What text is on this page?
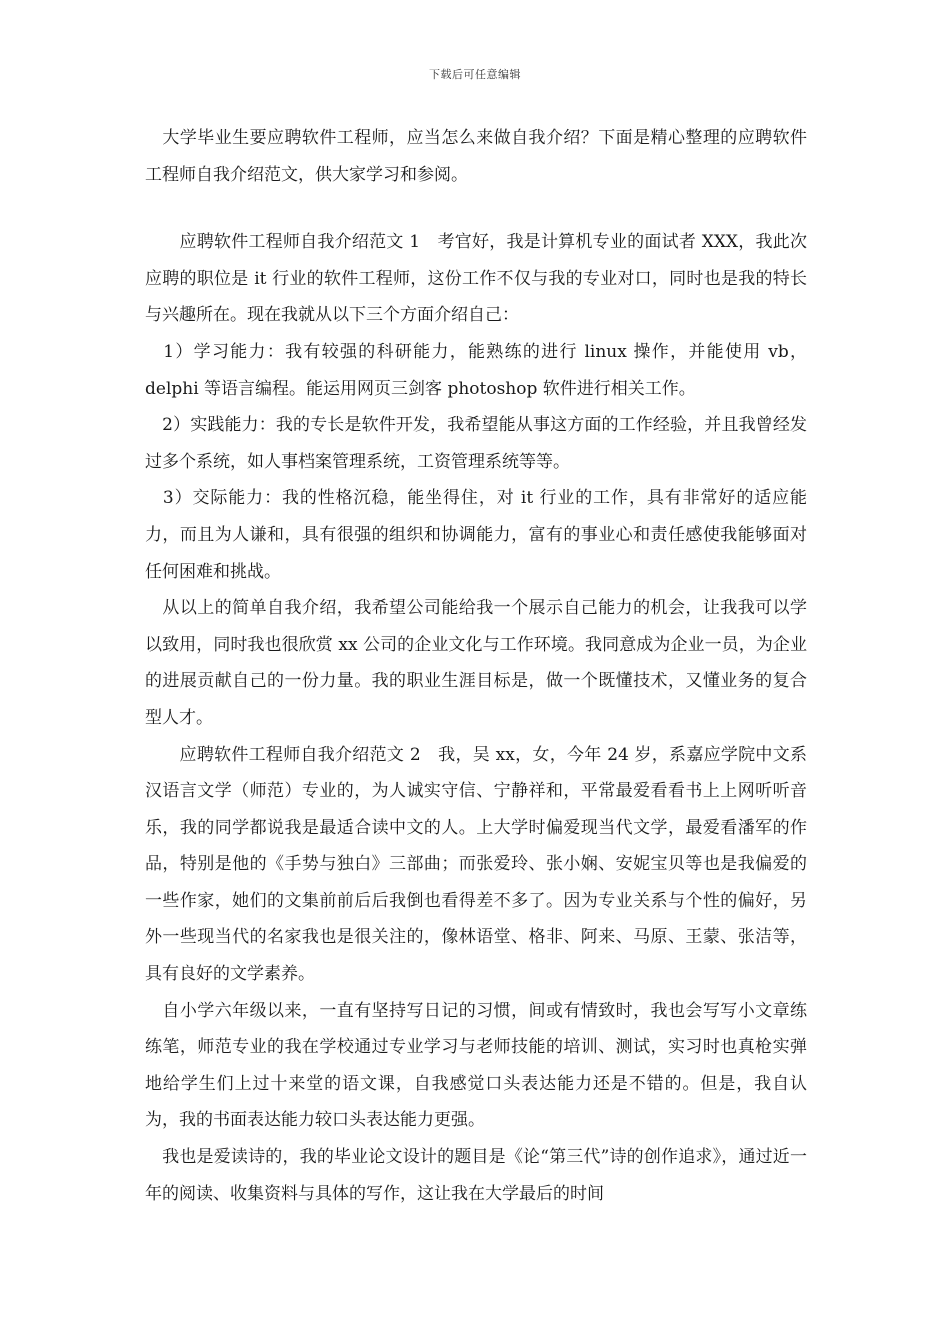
下载后可任意编辑

　大学毕业生要应聘软件工程师，应当怎么来做自我介绍？下面是精心整理的应聘软件工程师自我介绍范文，供大家学习和参阅。

　　应聘软件工程师自我介绍范文 1　考官好，我是计算机专业的面试者 XXX，我此次应聘的职位是 it 行业的软件工程师，这份工作不仅与我的专业对口，同时也是我的特长与兴趣所在。现在我就从以下三个方面介绍自己：

　1）学习能力：我有较强的科研能力，能熟练的进行 linux 操作，并能使用 vb，delphi 等语言编程。能运用网页三剑客 photoshop 软件进行相关工作。

　2）实践能力：我的专长是软件开发，我希望能从事这方面的工作经验，并且我曾经发过多个系统，如人事档案管理系统，工资管理系统等等。

　3）交际能力：我的性格沉稳，能坐得住，对 it 行业的工作，具有非常好的适应能力，而且为人谦和，具有很强的组织和协调能力，富有的事业心和责任感使我能够面对任何困难和挑战。

　从以上的简单自我介绍，我希望公司能给我一个展示自己能力的机会，让我我可以学以致用，同时我也很欣赏 xx 公司的企业文化与工作环境。我同意成为企业一员，为企业的进展贡献自己的一份力量。我的职业生涯目标是，做一个既懂技术，又懂业务的复合型人才。

　　应聘软件工程师自我介绍范文 2　我，吴 xx，女，今年 24 岁，系嘉应学院中文系汉语言文学（师范）专业的，为人诚实守信、宁静祥和，平常最爱看看书上上网听听音乐，我的同学都说我是最适合读中文的人。上大学时偏爱现当代文学，最爱看潘军的作品，特别是他的《手势与独白》三部曲；而张爱玲、张小娴、安妮宝贝等也是我偏爱的一些作家，她们的文集前前后后我倒也看得差不多了。因为专业关系与个性的偏好，另外一些现当代的名家我也是很关注的，像林语堂、格非、阿来、马原、王蒙、张洁等，具有良好的文学素养。

　自小学六年级以来，一直有坚持写日记的习惯，间或有情致时，我也会写写小文章练练笔，师范专业的我在学校通过专业学习与老师技能的培训、测试，实习时也真枪实弹地给学生们上过十来堂的语文课，自我感觉口头表达能力还是不错的。但是，我自认为，我的书面表达能力较口头表达能力更强。

　我也是爱读诗的，我的毕业论文设计的题目是《论“第三代”诗的创作追求》，通过近一年的阅读、收集资料与具体的写作，这让我在大学最后的时间
